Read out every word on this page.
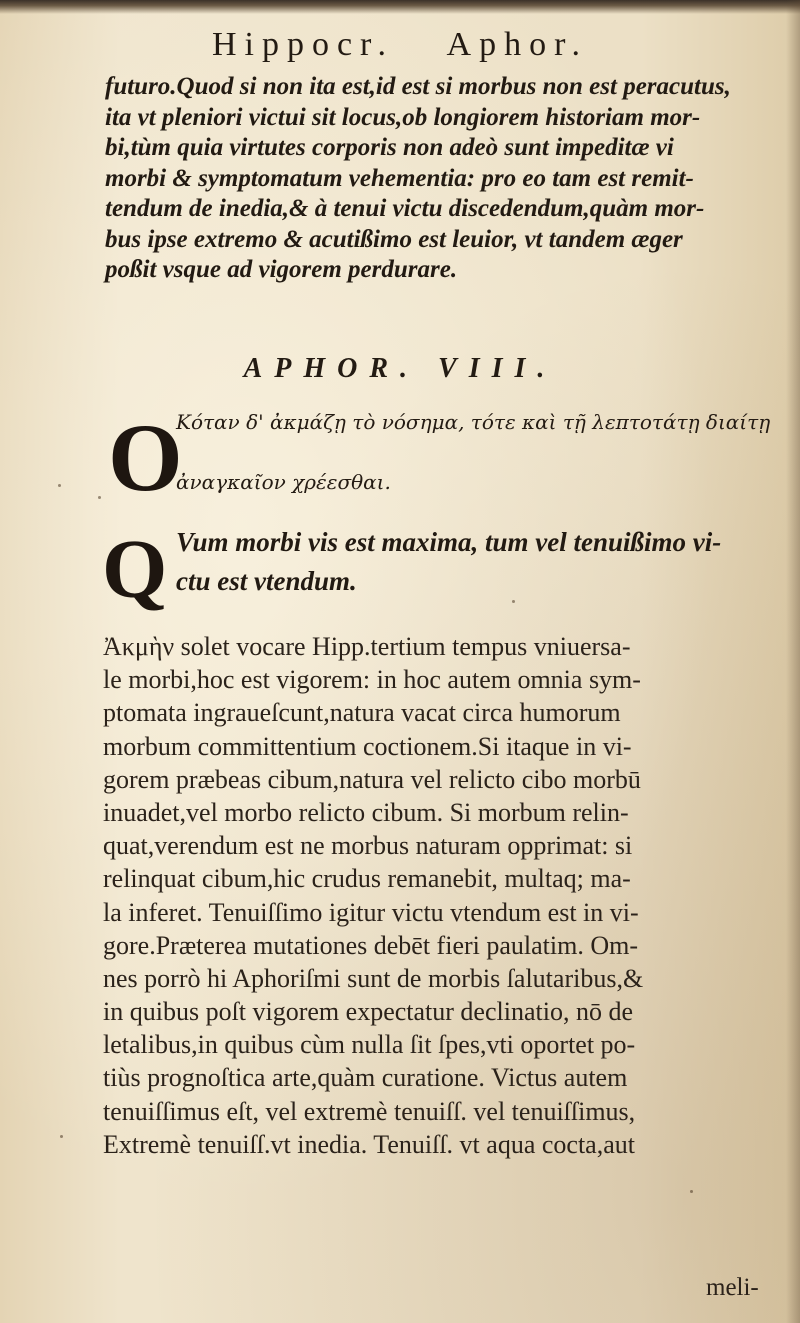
Hippocr. Aphor.
futuro.Quod si non ita est,id est si morbus non est peracutus,
ita vt pleniori victui sit locus,ob longiorem historiam mor-
bi,tùm quia virtutes corporis non adeò sunt impeditæ vi
morbi & symptomatum vehementia: pro eo tam est remit-
tendum de inedia,& à tenui victu discedendum,quàm mor-
bus ipse extremo & acutißimo est leuior, vt tandem æger
poßit vsque ad vigorem perdurare.
APHOR. VIII.
O
Κόταν δ' ἀκμάζῃ τὸ νόσημα, τότε καὶ τῇ λεπτοτάτῃ διαίτῃ
ἀναγκαῖον χρέεσθαι.
Q Vum morbi vis est maxima, tum vel tenuißimo vi-
ctu est vtendum.
Ἀκμὴν solet vocare Hipp.tertium tempus vniuersa-
le morbi,hoc est vigorem: in hoc autem omnia sym-
ptomata ingraueſcunt,natura vacat circa humorum
morbum committentium coctionem.Si itaque in vi-
gorem præbeas cibum,natura vel relicto cibo morbū
inuadet,vel morbo relicto cibum. Si morbum relin-
quat,verendum est ne morbus naturam opprimat: si
relinquat cibum,hic crudus remanebit, multaq; ma-
la inferet. Tenuiſſimo igitur victu vtendum est in vi-
gore.Prӕterea mutationes debēt fieri paulatim. Om-
nes porrò hi Aphoriſmi sunt de morbis ſalutaribus,&
in quibus poſt vigorem expectatur declinatio, nō de
letalibus,in quibus cùm nulla ſit ſpes,vti oportet po-
tiùs prognoſtica arte,quàm curatione. Victus autem
tenuiſſimus eſt, vel extremè tenuiſſ. vel tenuiſſimus,
Extremè tenuiſſ.vt inedia. Tenuiſſ. vt aqua cocta,aut
meli-
